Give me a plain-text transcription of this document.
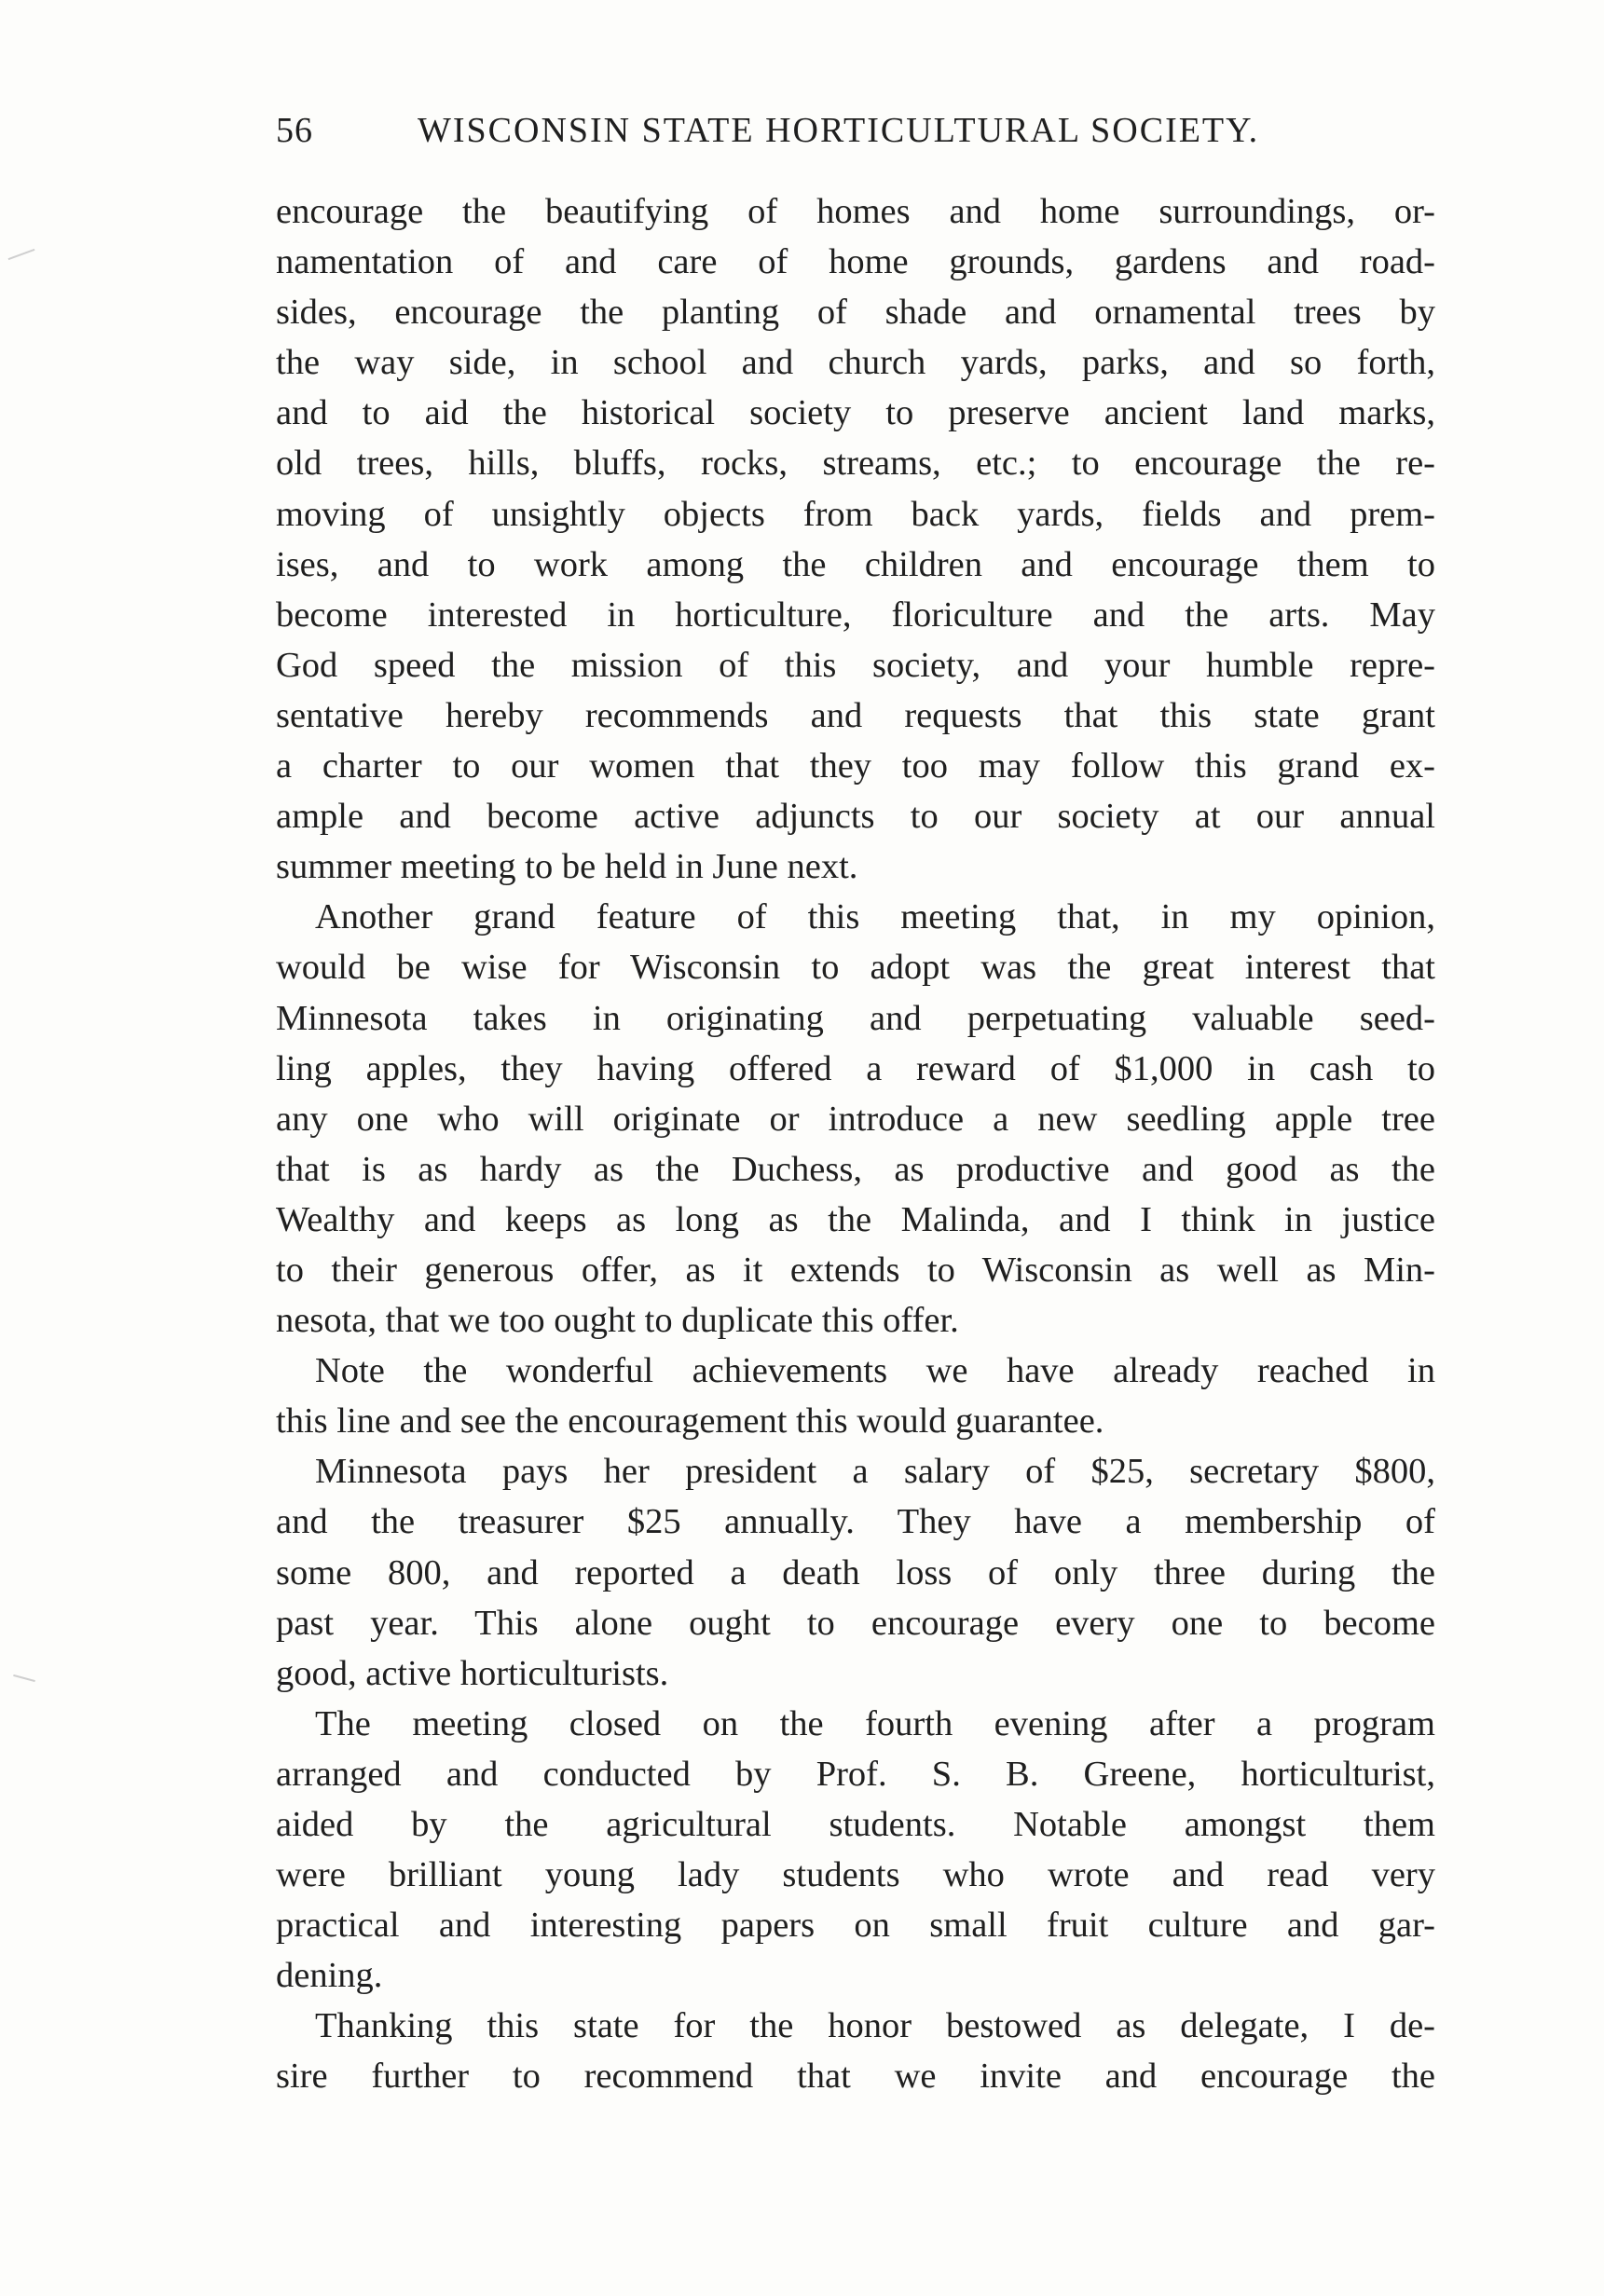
56	WISCONSIN STATE HORTICULTURAL SOCIETY.
encourage the beautifying of homes and home surroundings, or-
namentation of and care of home grounds, gardens and road-
sides, encourage the planting of shade and ornamental trees by
the way side, in school and church yards, parks, and so forth,
and to aid the historical society to preserve ancient land marks,
old trees, hills, bluffs, rocks, streams, etc.; to encourage the re-
moving of unsightly objects from back yards, fields and prem-
ises, and to work among the children and encourage them to
become interested in horticulture, floriculture and the arts. May
God speed the mission of this society, and your humble repre-
sentative hereby recommends and requests that this state grant
a charter to our women that they too may follow this grand ex-
ample and become active adjuncts to our society at our annual
summer meeting to be held in June next.
Another grand feature of this meeting that, in my opinion,
would be wise for Wisconsin to adopt was the great interest that
Minnesota takes in originating and perpetuating valuable seed-
ling apples, they having offered a reward of $1,000 in cash to
any one who will originate or introduce a new seedling apple tree
that is as hardy as the Duchess, as productive and good as the
Wealthy and keeps as long as the Malinda, and I think in justice
to their generous offer, as it extends to Wisconsin as well as Min-
nesota, that we too ought to duplicate this offer.
Note the wonderful achievements we have already reached in
this line and see the encouragement this would guarantee.
Minnesota pays her president a salary of $25, secretary $800,
and the treasurer $25 annually. They have a membership of
some 800, and reported a death loss of only three during the
past year. This alone ought to encourage every one to become
good, active horticulturists.
The meeting closed on the fourth evening after a program
arranged and conducted by Prof. S. B. Greene, horticulturist,
aided by the agricultural students. Notable amongst them
were brilliant young lady students who wrote and read very
practical and interesting papers on small fruit culture and gar-
dening.
Thanking this state for the honor bestowed as delegate, I de-
sire further to recommend that we invite and encourage the
